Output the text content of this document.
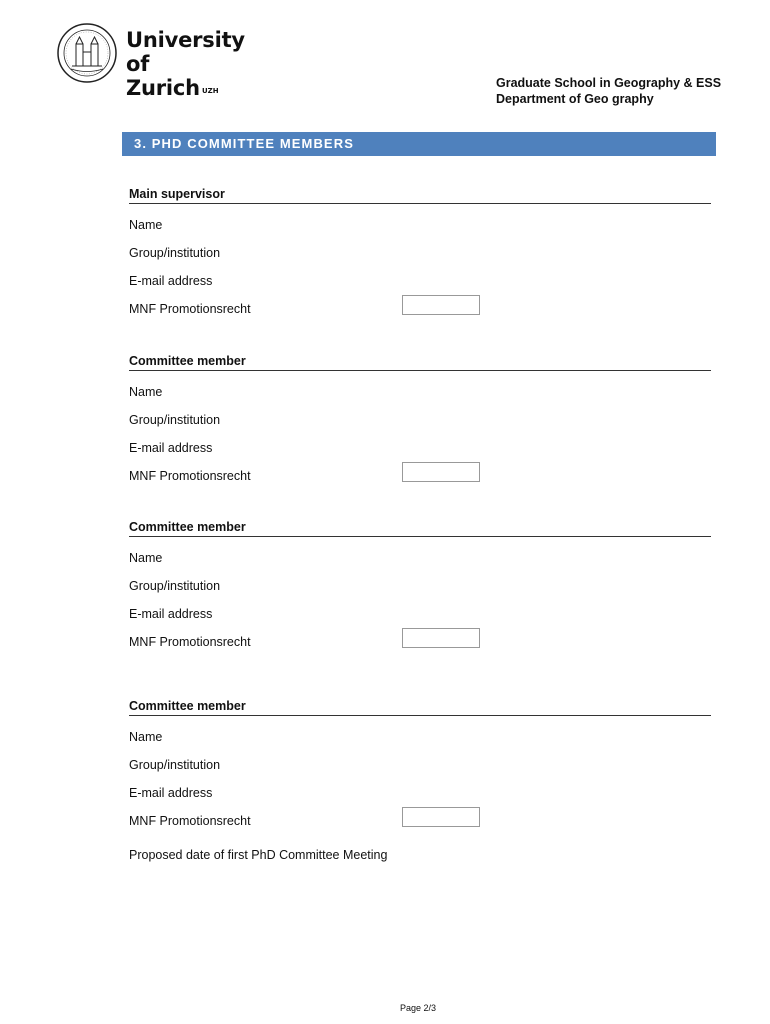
University of
Zurich $^{UZH}$
Graduate School in Geography & ESS
Department of Geo graphy
3. PHD COMMITTEE MEMBERS
Main supervisor
Name
Group/institution
E-mail address
MNF Promotionsrecht
Committee member
Name
Group/institution
E-mail address
MNF Promotionsrecht
Committee member
Name
Group/institution
E-mail address
MNF Promotionsrecht
Committee member
Name
Group/institution
E-mail address
MNF Promotionsrecht
Proposed date of first PhD Committee Meeting
Page 2/3
